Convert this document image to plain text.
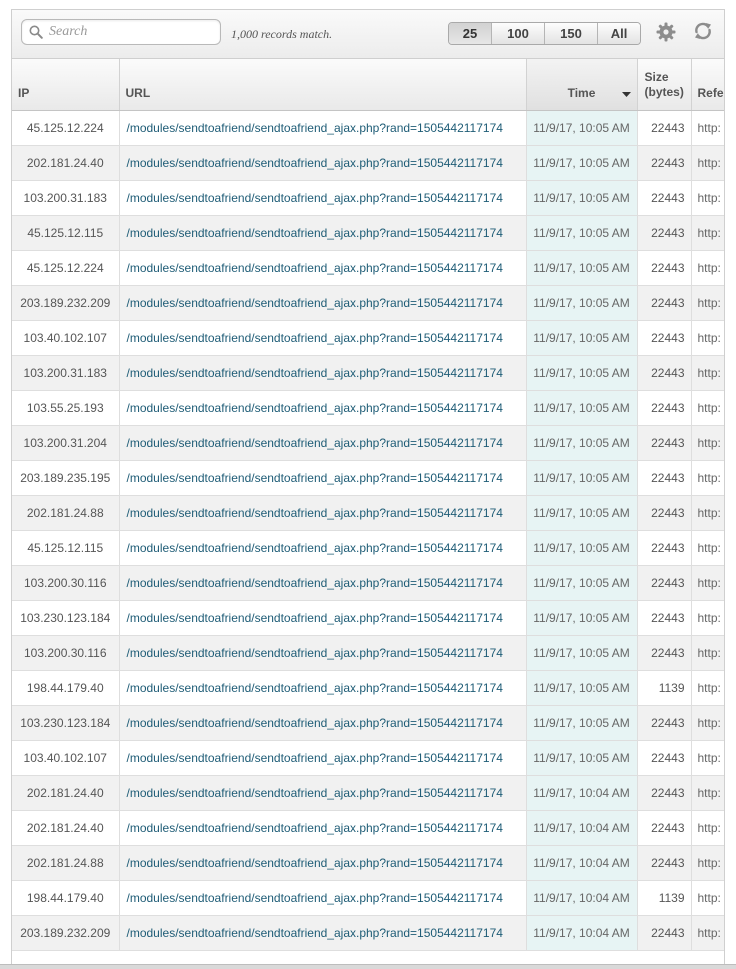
Search
1,000 records match.	25	100	150	All
IP	URL	Time	Size (bytes)	Refe
45.125.12.224	/modules/sendtoafriend/sendtoafriend_ajax.php?rand=1505442117174	11/9/17, 10:05 AM	22443	http:
202.181.24.40	/modules/sendtoafriend/sendtoafriend_ajax.php?rand=1505442117174	11/9/17, 10:05 AM	22443	http:
103.200.31.183	/modules/sendtoafriend/sendtoafriend_ajax.php?rand=1505442117174	11/9/17, 10:05 AM	22443	http:
45.125.12.115	/modules/sendtoafriend/sendtoafriend_ajax.php?rand=1505442117174	11/9/17, 10:05 AM	22443	http:
45.125.12.224	/modules/sendtoafriend/sendtoafriend_ajax.php?rand=1505442117174	11/9/17, 10:05 AM	22443	http:
203.189.232.209	/modules/sendtoafriend/sendtoafriend_ajax.php?rand=1505442117174	11/9/17, 10:05 AM	22443	http:
103.40.102.107	/modules/sendtoafriend/sendtoafriend_ajax.php?rand=1505442117174	11/9/17, 10:05 AM	22443	http:
103.200.31.183	/modules/sendtoafriend/sendtoafriend_ajax.php?rand=1505442117174	11/9/17, 10:05 AM	22443	http:
103.55.25.193	/modules/sendtoafriend/sendtoafriend_ajax.php?rand=1505442117174	11/9/17, 10:05 AM	22443	http:
103.200.31.204	/modules/sendtoafriend/sendtoafriend_ajax.php?rand=1505442117174	11/9/17, 10:05 AM	22443	http:
203.189.235.195	/modules/sendtoafriend/sendtoafriend_ajax.php?rand=1505442117174	11/9/17, 10:05 AM	22443	http:
202.181.24.88	/modules/sendtoafriend/sendtoafriend_ajax.php?rand=1505442117174	11/9/17, 10:05 AM	22443	http:
45.125.12.115	/modules/sendtoafriend/sendtoafriend_ajax.php?rand=1505442117174	11/9/17, 10:05 AM	22443	http:
103.200.30.116	/modules/sendtoafriend/sendtoafriend_ajax.php?rand=1505442117174	11/9/17, 10:05 AM	22443	http:
103.230.123.184	/modules/sendtoafriend/sendtoafriend_ajax.php?rand=1505442117174	11/9/17, 10:05 AM	22443	http:
103.200.30.116	/modules/sendtoafriend/sendtoafriend_ajax.php?rand=1505442117174	11/9/17, 10:05 AM	22443	http:
198.44.179.40	/modules/sendtoafriend/sendtoafriend_ajax.php?rand=1505442117174	11/9/17, 10:05 AM	1139	http:
103.230.123.184	/modules/sendtoafriend/sendtoafriend_ajax.php?rand=1505442117174	11/9/17, 10:05 AM	22443	http:
103.40.102.107	/modules/sendtoafriend/sendtoafriend_ajax.php?rand=1505442117174	11/9/17, 10:05 AM	22443	http:
202.181.24.40	/modules/sendtoafriend/sendtoafriend_ajax.php?rand=1505442117174	11/9/17, 10:04 AM	22443	http:
202.181.24.40	/modules/sendtoafriend/sendtoafriend_ajax.php?rand=1505442117174	11/9/17, 10:04 AM	22443	http:
202.181.24.88	/modules/sendtoafriend/sendtoafriend_ajax.php?rand=1505442117174	11/9/17, 10:04 AM	22443	http:
198.44.179.40	/modules/sendtoafriend/sendtoafriend_ajax.php?rand=1505442117174	11/9/17, 10:04 AM	1139	http:
203.189.232.209	/modules/sendtoafriend/sendtoafriend_ajax.php?rand=1505442117174	11/9/17, 10:04 AM	22443	http:
